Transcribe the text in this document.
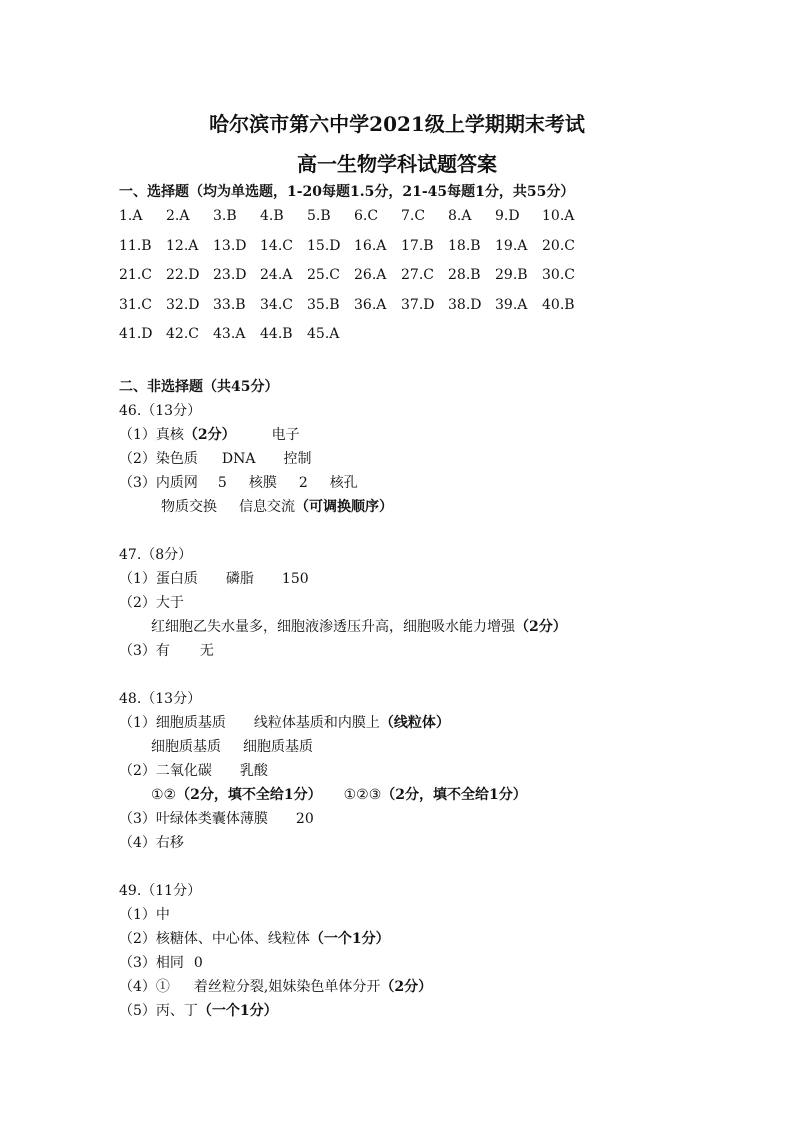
哈尔滨市第六中学2021级上学期期末考试
高一生物学科试题答案
一、选择题（均为单选题，1-20每题1.5分，21-45每题1分，共55分）
1.A 2.A 3.B 4.B 5.B 6.C 7.C 8.A 9.D 10.A
11.B 12.A 13.D 14.C 15.D 16.A 17.B 18.B 19.A 20.C
21.C 22.D 23.D 24.A 25.C 26.A 27.C 28.B 29.B 30.C
31.C 32.D 33.B 34.C 35.B 36.A 37.D 38.D 39.A 40.B
41.D 42.C 43.A 44.B 45.A
二、非选择题（共45分）
46.（13分）
（1）真核（2分）	电子
（2）染色质 DNA 控制
（3）内质网 5 核膜 2 核孔
物质交换 信息交流（可调换顺序）
47.（8分）
（1）蛋白质 磷脂 150
（2）大于
红细胞乙失水量多，细胞液渗透压升高，细胞吸水能力增强（2分）
（3）有 无
48.（13分）
（1）细胞质基质 线粒体基质和内膜上（线粒体）
细胞质基质 细胞质基质
（2）二氧化碳 乳酸
①②（2分，填不全给1分） ①②③（2分，填不全给1分）
（3）叶绿体类囊体薄膜 20
（4）右移
49.（11分）
（1）中
（2）核糖体、中心体、线粒体（一个1分）
（3）相同 0
（4）① 着丝粒分裂,姐妹染色单体分开（2分）
（5）丙、丁（一个1分）
